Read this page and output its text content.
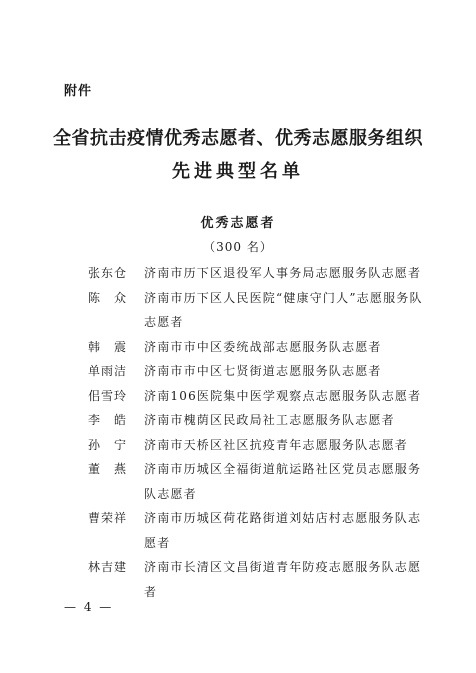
附件
全省抗击疫情优秀志愿者、优秀志愿服务组织
先进典型名单
优秀志愿者
（300 名）
张东仓	济南市历下区退役军人事务局志愿服务队志愿者
陈　众	济南市历下区人民医院“健康守门人”志愿服务队志愿者
韩　震	济南市市中区委统战部志愿服务队志愿者
单雨洁	济南市市中区七贤街道志愿服务队志愿者
佀雪玲	济南106医院集中医学观察点志愿服务队志愿者
李　皓	济南市槐荫区民政局社工志愿服务队志愿者
孙　宁	济南市天桥区社区抗疫青年志愿服务队志愿者
董　燕	济南市历城区全福街道航运路社区党员志愿服务队志愿者
曹荣祥	济南市历城区荷花路街道刘姑店村志愿服务队志愿者
林吉建	济南市长清区文昌街道青年防疫志愿服务队志愿者
— 4 —
